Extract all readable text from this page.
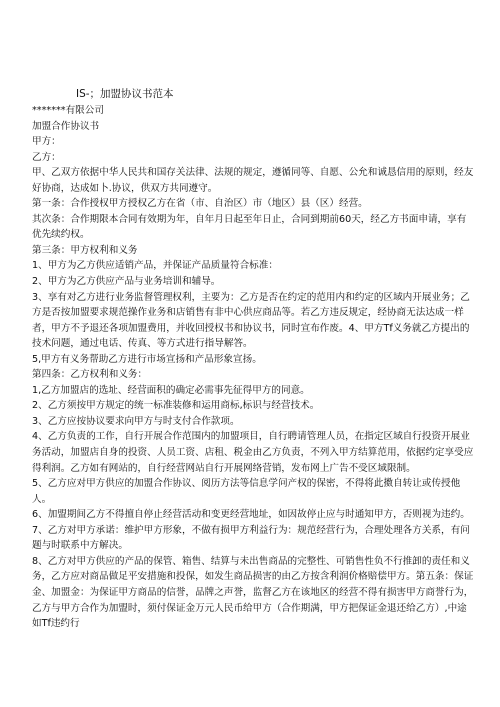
IS-；加盟协议书范本

*******有限公司

加盟合作协议书

甲方：

乙方：

甲、乙双方依据中华人民共和国存关法律、法规的规定，遵循同等、自愿、公允和诚恳信用的原则，经友好协商，达成如卜.协议，供双方共同遵守。

第一条：合作授权甲方授权乙方在省（市、自治区）市（地区）县（区）经营。

其次条：合作期限本合同有效期为年，自年月日起至年日止，合同到期前60天，经乙方书面申请，享有优先续约权。

第三条：甲方权利和义务

1、甲方为乙方供应适销产品，并保证产品质量符合标准：

2、甲方为乙方供应产品与业务培训和辅导。

3、享有对乙方进行业务监督管理权利，主要为：乙方是否在约定的范用内和约定的区域内开展业务；乙方是否按加盟要求规范操作业务和店销售有非中心供应商品等。若乙方违反规定，经协商无法达成一样者，甲方不予退还各项加盟费用，并收回授权书和协议书，同时宣布作废。4、甲方Tf义务就乙方提出的技术问题，通过电话、传真、等方式进行指导解答。

5,甲方有义务帮助乙方进行市场宣扬和产品形象宣扬。

第四条：乙方权利和义务：

1,乙方加盟店的选址、经营面积的确定必需事先征得甲方的同意。

2、乙方须按甲方规定的统一标准装修和运用商标,标识与经营技术。

3、乙方应按协议要求向甲方与时支付合作款项。

4、乙方负责的工作，自行开展合作范围内的加盟项目，自行聘请管理人员，在指定区域自行投资开展业务活动，加盟店自身的投资、人员工资、店租、税金由乙方负责，不列入甲方结算范用，依据约定享受应得利润。乙方如有网站的，自行经营网站自行开展网络营销，发布网上广告不受区域限制。

5、乙方应对甲方供应的加盟合作协议、阅历方法等信息学问产权的保密，不得将此擞自转让或传授他人。

6、加盟期间乙方不得擅自停止经营活动和变更经营地址，如因故停止应与时通知甲方，否则视为违约。

7、乙方对甲方承诺：维护甲方形象，不做有损甲方利益行为：规范经营行为，合理处理各方关系，有问题与时联系中方解决。

8、乙方对甲方供应的产品的保管、箱售、结算与未出售商品的完整性、可销售性负不行推卸的责任和义务，乙方应对商品做足平安措施和投保，如发生商品损害的由乙方按含利润价格赔偿甲方。第五条：保证金、加盟金：为保证甲方商品的信誉，品牌之声誉，监督乙方在该地区的经营不得有损害甲方商誉行为，乙方与甲方合作为加盟时，须付保证金万元人民币给甲方（合作期满，甲方把保证金退还给乙方）,中途如Tf违约行
